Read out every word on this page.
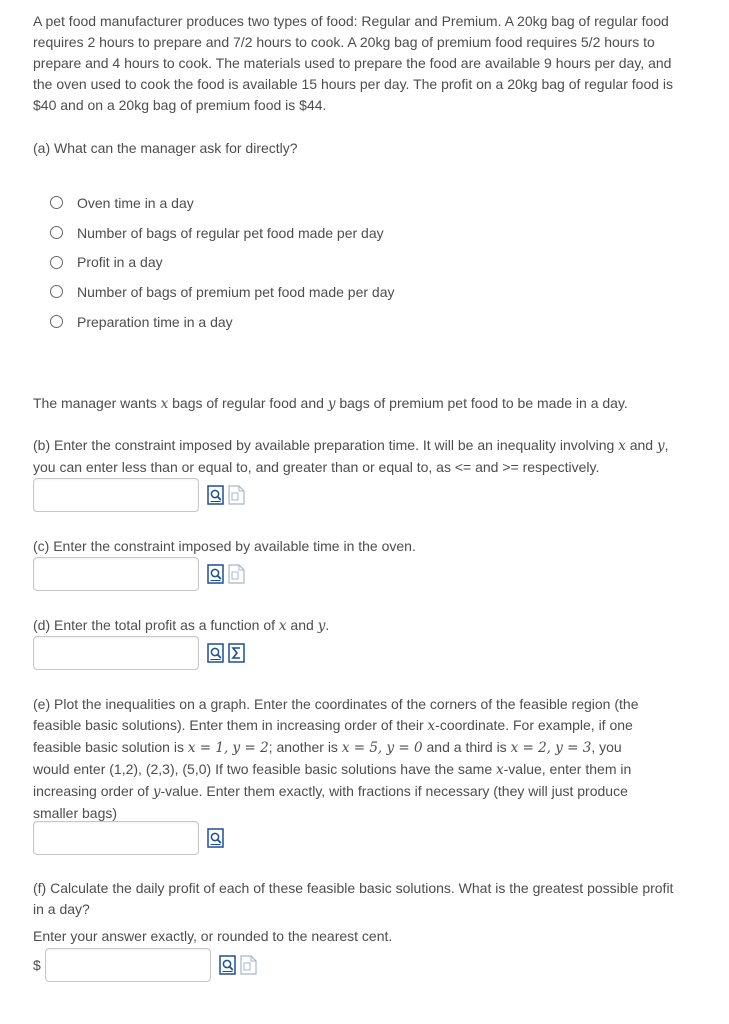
A pet food manufacturer produces two types of food: Regular and Premium. A 20kg bag of regular food
requires 2 hours to prepare and 7/2 hours to cook. A 20kg bag of premium food requires 5/2 hours to
prepare and 4 hours to cook. The materials used to prepare the food are available 9 hours per day, and
the oven used to cook the food is available 15 hours per day. The profit on a 20kg bag of regular food is
$40 and on a 20kg bag of premium food is $44.

(a) What can the manager ask for directly?

Oven time in a day
Number of bags of regular pet food made per day
Profit in a day
Number of bags of premium pet food made per day
Preparation time in a day

The manager wants x bags of regular food and y bags of premium pet food to be made in a day.

(b) Enter the constraint imposed by available preparation time. It will be an inequality involving x and y,
you can enter less than or equal to, and greater than or equal to, as <= and >= respectively.

(c) Enter the constraint imposed by available time in the oven.

(d) Enter the total profit as a function of x and y.

(e) Plot the inequalities on a graph. Enter the coordinates of the corners of the feasible region (the
feasible basic solutions). Enter them in increasing order of their x-coordinate. For example, if one
feasible basic solution is x = 1, y = 2; another is x = 5, y = 0 and a third is x = 2, y = 3, you
would enter (1,2), (2,3), (5,0) If two feasible basic solutions have the same x-value, enter them in
increasing order of y-value. Enter them exactly, with fractions if necessary (they will just produce
smaller bags)
(f) Calculate the daily profit of each of these feasible basic solutions. What is the greatest possible profit
in a day?

Enter your answer exactly, or rounded to the nearest cent.

$
